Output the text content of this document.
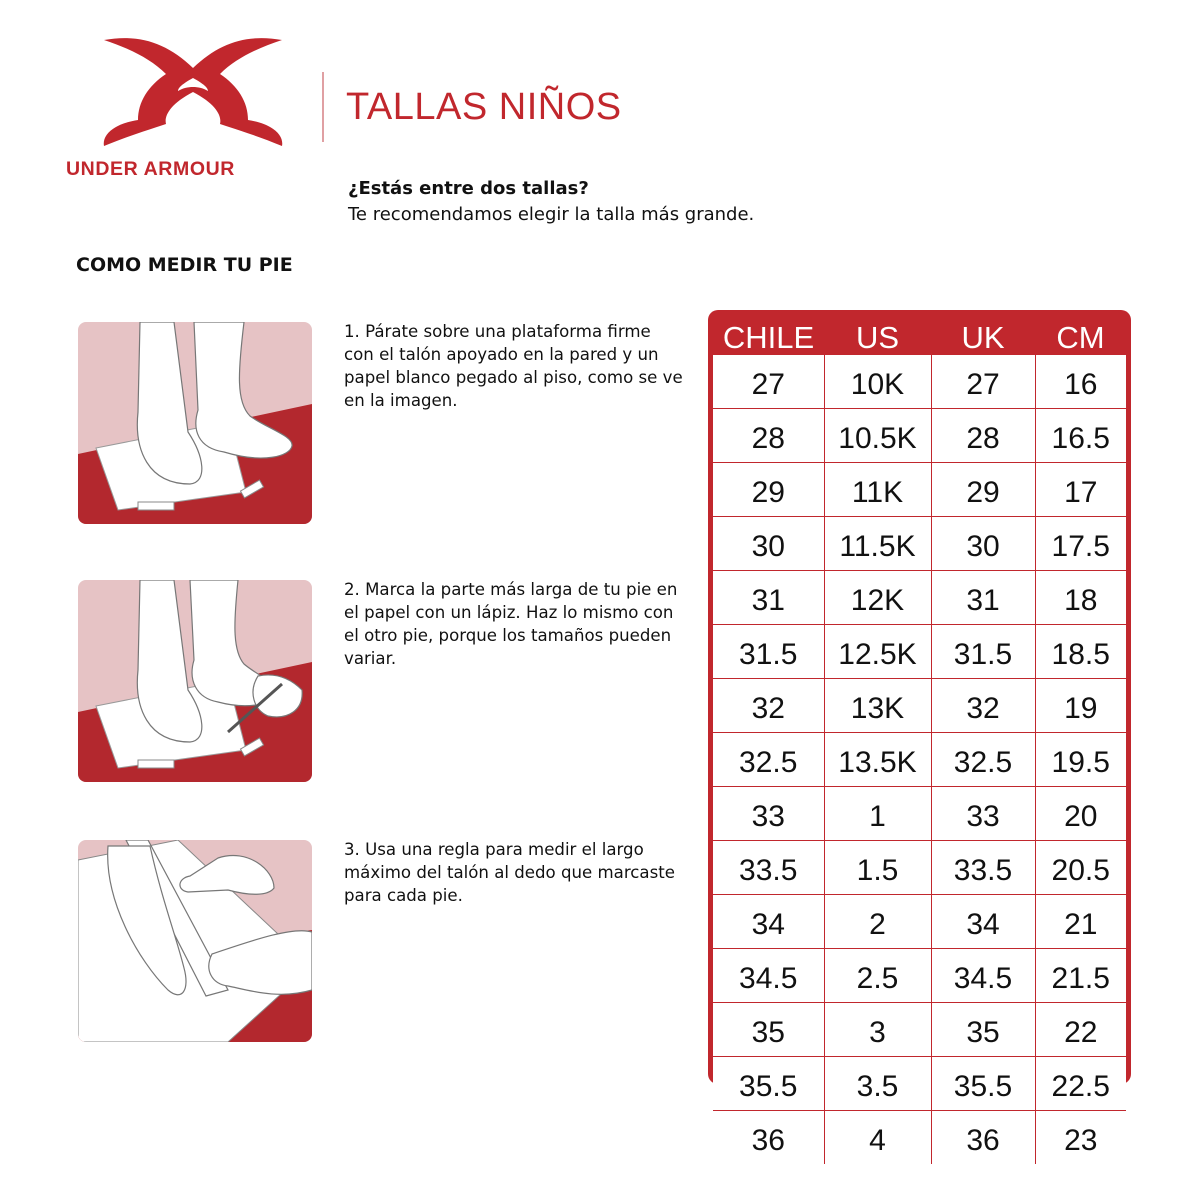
UNDER ARMOUR
TALLAS NIÑOS
¿Estás entre dos tallas?
Te recomendamos elegir la talla más grande.
COMO MEDIR TU PIE
1. Párate sobre una plataforma firme con el talón apoyado en la pared y un papel blanco pegado al piso, como se ve en la imagen.
2. Marca la parte más larga de tu pie en el papel con un lápiz. Haz lo mismo con el otro pie, porque los tamaños pueden variar.
3. Usa una regla para medir el largo máximo del talón al dedo que marcaste para cada pie.
CHILE	US	UK	CM
27	10K	27	16
28	10.5K	28	16.5
29	11K	29	17
30	11.5K	30	17.5
31	12K	31	18
31.5	12.5K	31.5	18.5
32	13K	32	19
32.5	13.5K	32.5	19.5
33	1	33	20
33.5	1.5	33.5	20.5
34	2	34	21
34.5	2.5	34.5	21.5
35	3	35	22
35.5	3.5	35.5	22.5
36	4	36	23
